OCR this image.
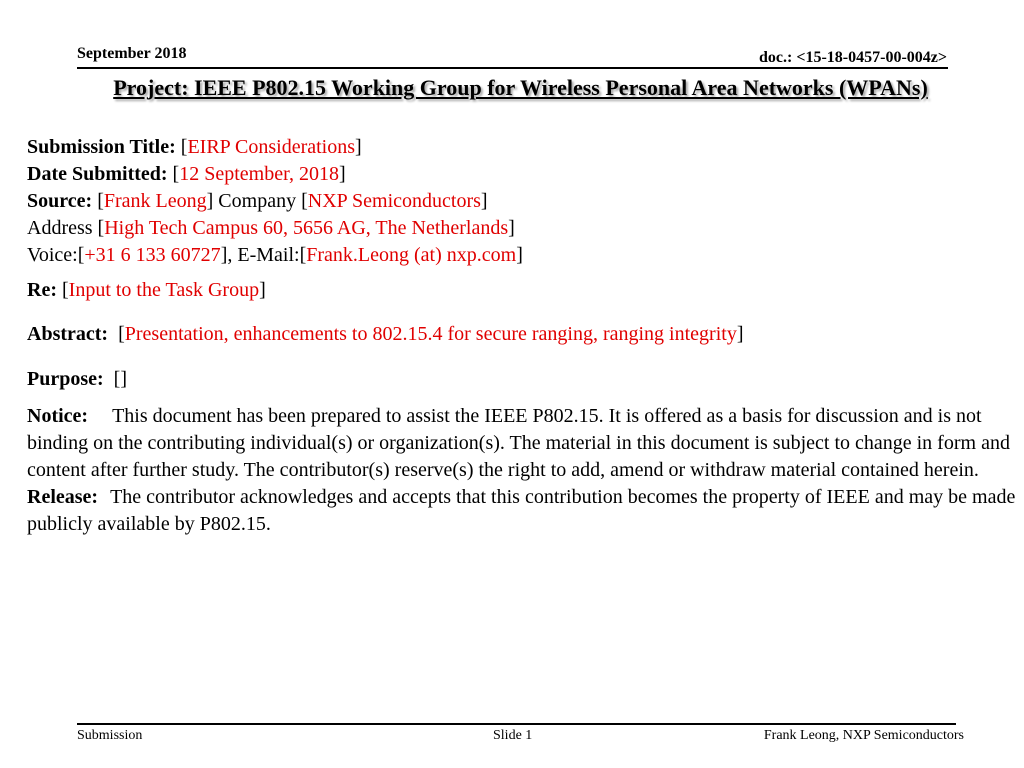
September 2018	doc.: <15-18-0457-00-004z>
Project: IEEE P802.15 Working Group for Wireless Personal Area Networks (WPANs)
Submission Title: [EIRP Considerations]
Date Submitted: [12 September, 2018]
Source: [Frank Leong] Company [NXP Semiconductors]
Address [High Tech Campus 60, 5656 AG, The Netherlands]
Voice:[+31 6 133 60727], E-Mail:[Frank.Leong (at) nxp.com]
Re: [Input to the Task Group]
Abstract:  [Presentation, enhancements to 802.15.4 for secure ranging, ranging integrity]
Purpose:  []

Notice: This document has been prepared to assist the IEEE P802.15. It is offered as a basis for discussion and is not binding on the contributing individual(s) or organization(s). The material in this document is subject to change in form and content after further study. The contributor(s) reserve(s) the right to add, amend or withdraw material contained herein.

Release: The contributor acknowledges and accepts that this contribution becomes the property of IEEE and may be made publicly available by P802.15.

Submission	Slide 1	Frank Leong, NXP Semiconductors
